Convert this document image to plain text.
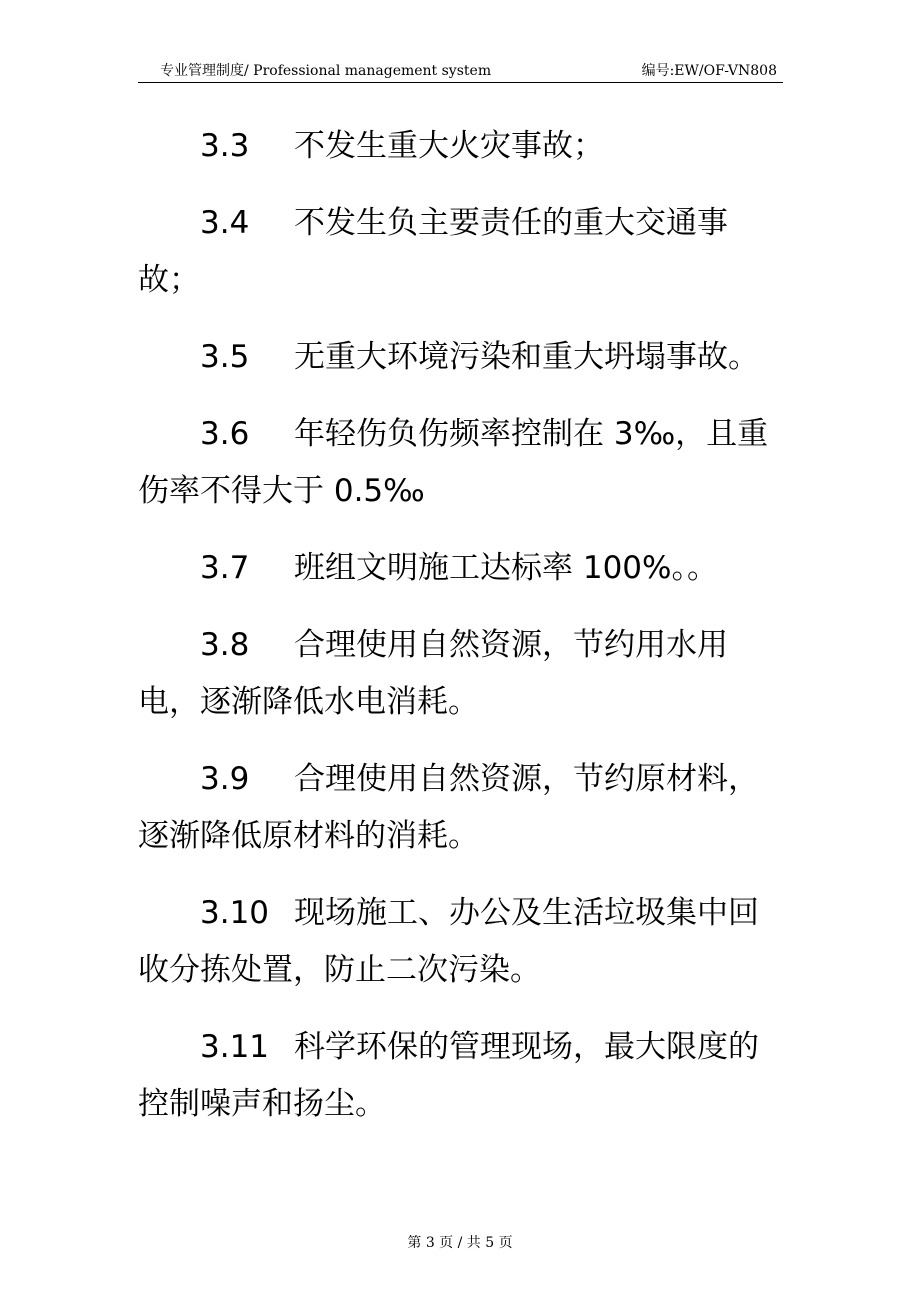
专业管理制度/ Professional management system	编号:EW/OF-VN808

3.3 不发生重大火灾事故；

3.4 不发生负主要责任的重大交通事故；

3.5 无重大环境污染和重大坍塌事故。

3.6 年轻伤负伤频率控制在 3‰，且重伤率不得大于 0.5‰

3.7 班组文明施工达标率 100%。。

3.8 合理使用自然资源，节约用水用电，逐渐降低水电消耗。

3.9 合理使用自然资源，节约原材料，逐渐降低原材料的消耗。

3.10 现场施工、办公及生活垃圾集中回收分拣处置，防止二次污染。

3.11 科学环保的管理现场，最大限度的控制噪声和扬尘。

第 3 页 / 共 5 页
